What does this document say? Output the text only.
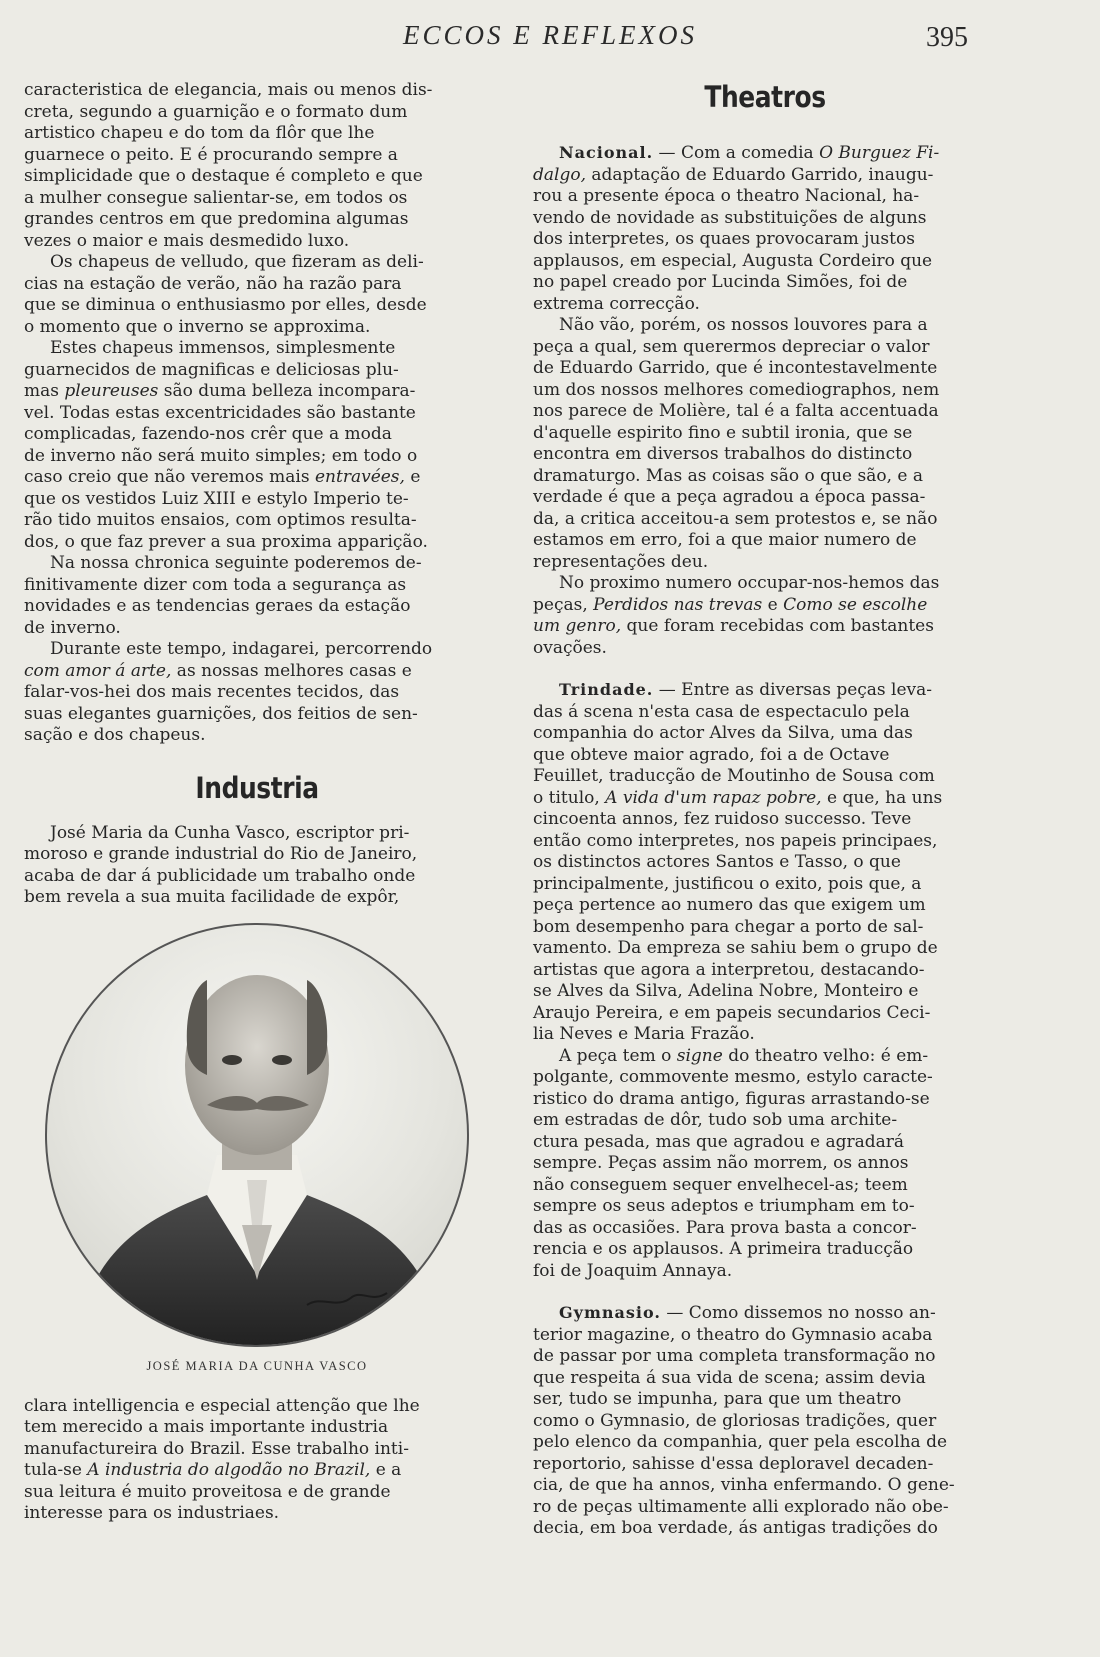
ECCOS E REFLEXOS	395

caracteristica de elegancia, mais ou menos dis-
creta, segundo a guarnição e o formato dum
artistico chapeu e do tom da flôr que lhe
guarnece o peito. E é procurando sempre a
simplicidade que o destaque é completo e que
a mulher consegue salientar-se, em todos os
grandes centros em que predomina algumas
vezes o maior e mais desmedido luxo.

Os chapeus de velludo, que fizeram as deli-
cias na estação de verão, não ha razão para
que se diminua o enthusiasmo por elles, desde
o momento que o inverno se approxima.

Estes chapeus immensos, simplesmente
guarnecidos de magnificas e deliciosas plu-
mas pleureuses são duma belleza incompara-
vel. Todas estas excentricidades são bastante
complicadas, fazendo-nos crêr que a moda
de inverno não será muito simples; em todo o
caso creio que não veremos mais entravées, e
que os vestidos Luiz XIII e estylo Imperio te-
rão tido muitos ensaios, com optimos resulta-
dos, o que faz prever a sua proxima apparição.

Na nossa chronica seguinte poderemos de-
finitivamente dizer com toda a segurança as
novidades e as tendencias geraes da estação
de inverno.

Durante este tempo, indagarei, percorrendo
com amor á arte, as nossas melhores casas e
falar-vos-hei dos mais recentes tecidos, das
suas elegantes guarnições, dos feitios de sen-
sação e dos chapeus.

Industria

José Maria da Cunha Vasco, escriptor pri-
moroso e grande industrial do Rio de Janeiro,
acaba de dar á publicidade um trabalho onde
bem revela a sua muita facilidade de expôr,

JOSÉ MARIA DA CUNHA VASCO

clara intelligencia e especial attenção que lhe
tem merecido a mais importante industria
manufactureira do Brazil. Esse trabalho inti-
tula-se A industria do algodão no Brazil, e a
sua leitura é muito proveitosa e de grande
interesse para os industriaes.

Theatros

Nacional. — Com a comedia O Burguez Fi-
dalgo, adaptação de Eduardo Garrido, inaugu-
rou a presente época o theatro Nacional, ha-
vendo de novidade as substituições de alguns
dos interpretes, os quaes provocaram justos
applausos, em especial, Augusta Cordeiro que
no papel creado por Lucinda Simões, foi de
extrema correcção.

Não vão, porém, os nossos louvores para a
peça a qual, sem querermos depreciar o valor
de Eduardo Garrido, que é incontestavelmente
um dos nossos melhores comediographos, nem
nos parece de Molière, tal é a falta accentuada
d'aquelle espirito fino e subtil ironia, que se
encontra em diversos trabalhos do distincto
dramaturgo. Mas as coisas são o que são, e a
verdade é que a peça agradou a época passa-
da, a critica acceitou-a sem protestos e, se não
estamos em erro, foi a que maior numero de
representações deu.

No proximo numero occupar-nos-hemos das
peças, Perdidos nas trevas e Como se escolhe
um genro, que foram recebidas com bastantes
ovações.

Trindade. — Entre as diversas peças leva-
das á scena n'esta casa de espectaculo pela
companhia do actor Alves da Silva, uma das
que obteve maior agrado, foi a de Octave
Feuillet, traducção de Moutinho de Sousa com
o titulo, A vida d'um rapaz pobre, e que, ha uns
cincoenta annos, fez ruidoso successo. Teve
então como interpretes, nos papeis principaes,
os distinctos actores Santos e Tasso, o que
principalmente, justificou o exito, pois que, a
peça pertence ao numero das que exigem um
bom desempenho para chegar a porto de sal-
vamento. Da empreza se sahiu bem o grupo de
artistas que agora a interpretou, destacando-
se Alves da Silva, Adelina Nobre, Monteiro e
Araujo Pereira, e em papeis secundarios Ceci-
lia Neves e Maria Frazão.

A peça tem o signe do theatro velho: é em-
polgante, commovente mesmo, estylo caracte-
ristico do drama antigo, figuras arrastando-se
em estradas de dôr, tudo sob uma archite-
ctura pesada, mas que agradou e agradará
sempre. Peças assim não morrem, os annos
não conseguem sequer envelhecel-as; teem
sempre os seus adeptos e triumpham em to-
das as occasiões. Para prova basta a concor-
rencia e os applausos. A primeira traducção
foi de Joaquim Annaya.

Gymnasio. — Como dissemos no nosso an-
terior magazine, o theatro do Gymnasio acaba
de passar por uma completa transformação no
que respeita á sua vida de scena; assim devia
ser, tudo se impunha, para que um theatro
como o Gymnasio, de gloriosas tradições, quer
pelo elenco da companhia, quer pela escolha de
reportorio, sahisse d'essa deploravel decaden-
cia, de que ha annos, vinha enfermando. O gene-
ro de peças ultimamente alli explorado não obe-
decia, em boa verdade, ás antigas tradições do
